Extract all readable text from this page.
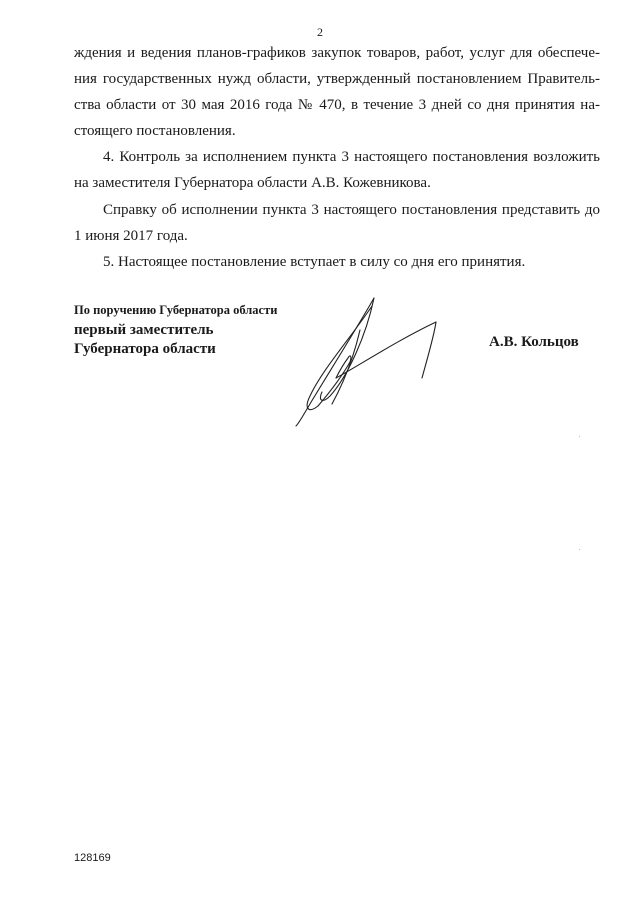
2
ждения и ведения планов-графиков закупок товаров, работ, услуг для обеспече-
ния государственных нужд области, утвержденный постановлением Правитель-
ства области от 30 мая 2016 года № 470, в течение 3 дней со дня принятия на-
стоящего постановления.
4. Контроль за исполнением пункта 3 настоящего постановления возложить
на заместителя Губернатора области А.В. Кожевникова.
Справку об исполнении пункта 3 настоящего постановления представить до
1 июня 2017 года.
5. Настоящее постановление вступает в силу со дня его принятия.
По поручению Губернатора области
первый заместитель
Губернатора области	А.В. Кольцов
128169
